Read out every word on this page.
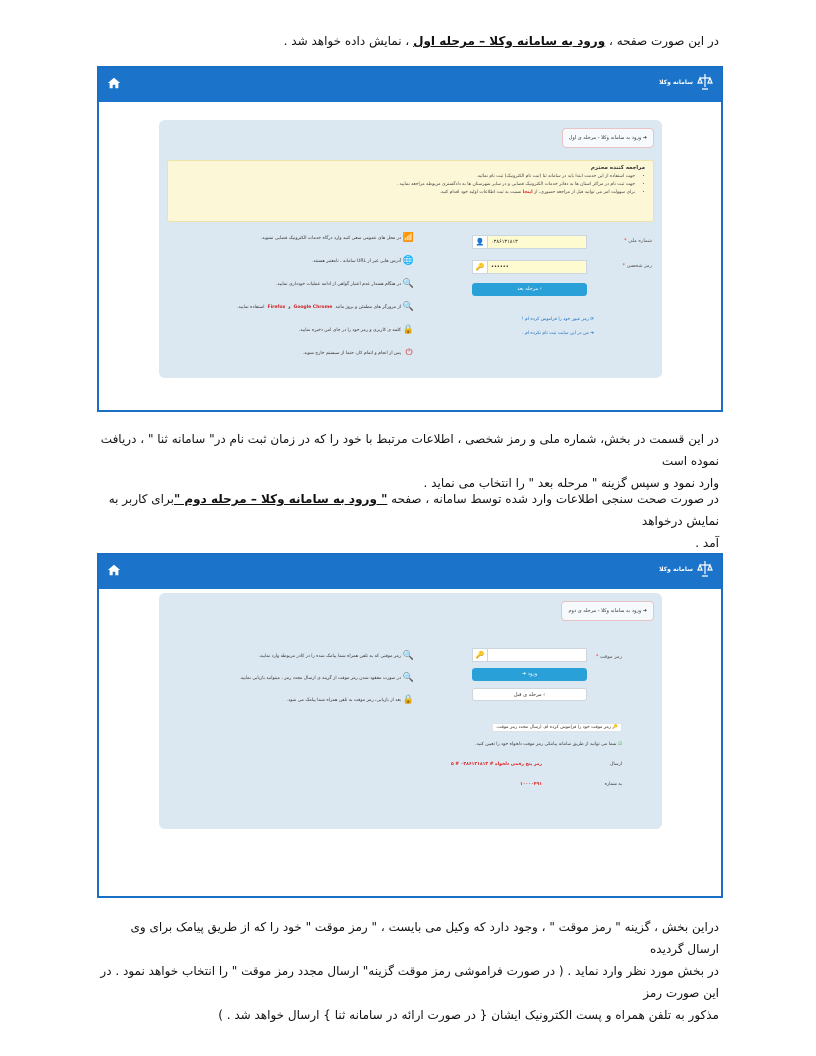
در این صورت صفحه ، ورود به سامانه وکلا – مرحله اول ، نمایش داده خواهد شد .
سامانه وکلا
➜ ورود به سامانه وکلا - مرحله ی اول
مراجعه کننده محترم
• جهت استفاده از این خدمت ابتدا باید در سامانه ثنا (ثبت نام الکترونیک) ثبت نام نمائید.
• جهت ثبت نام در مراکز استان ها به دفاتر خدمات الکترونیک قضایی و در سایر شهرستان ها به دادگستری مربوطه مراجعه نمایید .
• برای سهولت امر می توانید قبل از مراجعه حضوری، از اینجا نسبت به ثبت اطلاعات اولیه خود اقدام کنید.
شماره ملی *
👤	۰۳۸۶۱۳۱۸۱۳
رمز شخصی *
🔑	••••••
مرحله بعد ‹
⟳ رمز عبور خود را فراموش کرده ام !
➜ من در این سایت ثبت نام نکرده ام .
📶
در محل های عمومی سعی کنید وارد درگاه خدمات الکترونیک قضایی نشوید.
🌐
آدرس هایی غیر از URL سامانه ، نامعتبر هستند.
🔍
در هنگام هشدار عدم اعتبار گواهی از ادامه عملیات خودداری نمایید.
🔍
از مرورگر های مطمئن و بروز مانند
Google Chrome
و
Firefox
استفاده نمایید.
🔒
کلمه ی کاربری و رمز خود را در جای امن ذخیره نمایید.
⏻
پس از انجام و اتمام کار، حتما از سیستم خارج شوید.
در این قسمت در بخش، شماره ملی و رمز شخصی ، اطلاعات مرتبط با خود را که در زمان ثبت نام در" سامانه ثنا " ، دریافت نموده است
وارد نمود و سپس گزینه " مرحله بعد " را انتخاب می نماید .
در صورت صحت سنجی اطلاعات وارد شده توسط سامانه ، صفحه " ورود به سامانه وکلا – مرحله دوم "برای کاربر به نمایش درخواهد
آمد .
سامانه وکلا
➜ ورود به سامانه وکلا - مرحله ی دوم
رمز موقت *
🔑
➜ ورود
مرحله ی قبل ‹
🔑 رمز موقت خود را فراموش کرده ام. ارسال مجدد رمز موقت.
☑ شما می توانید از طریق سامانه پیامکی رمز موقت دلخواه خود را تعیین کنید.
ارسال
رمز پنج رقمی دلخواه # ۰۳۸۶۱۳۱۸۱۳ # ۵
به شماره
۱۰۰۰۰۴۹۱
🔍
رمز موقتی که به تلفن همراه شما پیامک شده را در کادر مربوطه وارد نمایید.
🔍
در صورت مفقود شدن رمز موقت از گزینه ی ارسال مجدد رمز ، میتوانید بازیابی نمایید.
🔒
بعد از بازیابی، رمز موقت به تلفن همراه شما پیامک می شود.
دراین بخش ، گزینه " رمز موقت " ، وجود دارد که وکیل می بایست ، " رمز موقت " خود را که از طریق پیامک برای وی ارسال گردیده
در بخش مورد نظر وارد نماید . ( در صورت فراموشی رمز موقت گزینه" ارسال مجدد رمز موقت " را انتخاب خواهد نمود . در این صورت رمز
مذکور به تلفن همراه و پست الکترونیک ایشان { در صورت ارائه در سامانه ثنا } ارسال خواهد شد . )
